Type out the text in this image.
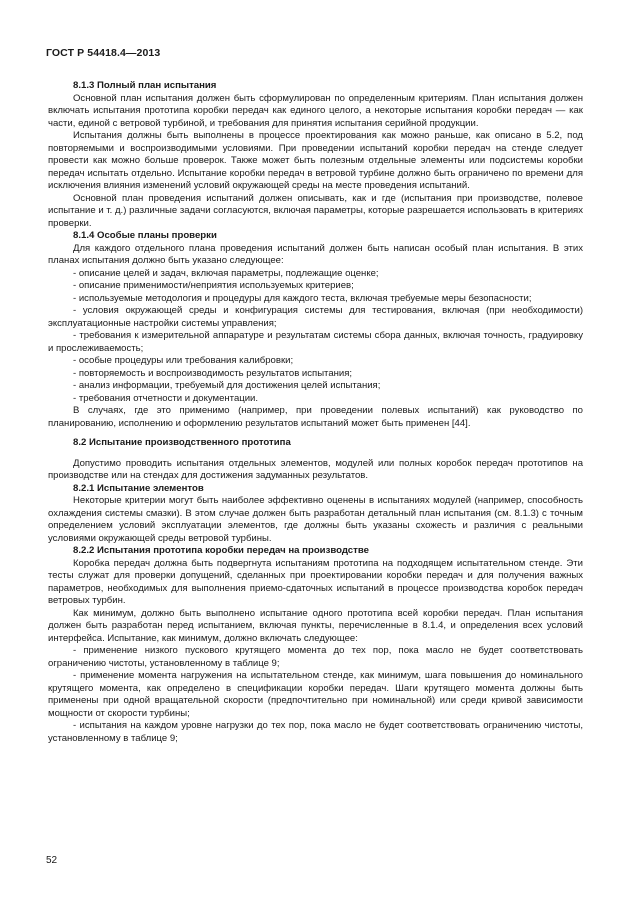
ГОСТ Р 54418.4—2013
8.1.3 Полный план испытания

Основной план испытания должен быть сформулирован по определенным критериям. План испытания должен включать испытания прототипа коробки передач как единого целого, а некоторые испытания коробки передач — как части, единой с ветровой турбиной, и требования для принятия испытания серийной продукции.

Испытания должны быть выполнены в процессе проектирования как можно раньше, как описано в 5.2, под повторяемыми и воспроизводимыми условиями. При проведении испытаний коробки передач на стенде следует провести как можно больше проверок. Также может быть полезным отдельные элементы или подсистемы коробки передач испытать отдельно. Испытание коробки передач в ветровой турбине должно быть ограничено по времени для исключения влияния изменений условий окружающей среды на месте проведения испытаний.

Основной план проведения испытаний должен описывать, как и где (испытания при производстве, полевое испытание и т. д.) различные задачи согласуются, включая параметры, которые разрешается использовать в критериях проверки.

8.1.4 Особые планы проверки

Для каждого отдельного плана проведения испытаний должен быть написан особый план испытания. В этих планах испытания должно быть указано следующее:

- описание целей и задач, включая параметры, подлежащие оценке;

- описание применимости/неприятия используемых критериев;

- используемые методология и процедуры для каждого теста, включая требуемые меры безопасности;

- условия окружающей среды и конфигурация системы для тестирования, включая (при необходимости) эксплуатационные настройки системы управления;

- требования к измерительной аппаратуре и результатам системы сбора данных, включая точность, градуировку и прослеживаемость;

- особые процедуры или требования калибровки;

- повторяемость и воспроизводимость результатов испытания;

- анализ информации, требуемый для достижения целей испытания;

- требования отчетности и документации.

В случаях, где это применимо (например, при проведении полевых испытаний) как руководство по планированию, исполнению и оформлению результатов испытаний может быть применен [44].

8.2 Испытание производственного прототипа

Допустимо проводить испытания отдельных элементов, модулей или полных коробок передач прототипов на производстве или на стендах для достижения задуманных результатов.

8.2.1 Испытание элементов

Некоторые критерии могут быть наиболее эффективно оценены в испытаниях модулей (например, способность охлаждения системы смазки). В этом случае должен быть разработан детальный план испытания (см. 8.1.3) с точным определением условий эксплуатации элементов, где должны быть указаны схожесть и различия с реальными условиями окружающей среды ветровой турбины.

8.2.2 Испытания прототипа коробки передач на производстве

Коробка передач должна быть подвергнута испытаниям прототипа на подходящем испытательном стенде. Эти тесты служат для проверки допущений, сделанных при проектировании коробки передач и для получения важных параметров, необходимых для выполнения приемо-сдаточных испытаний в процессе производства коробок передач ветровых турбин.

Как минимум, должно быть выполнено испытание одного прототипа всей коробки передач. План испытания должен быть разработан перед испытанием, включая пункты, перечисленные в 8.1.4, и определения всех условий интерфейса. Испытание, как минимум, должно включать следующее:

- применение низкого пускового крутящего момента до тех пор, пока масло не будет соответствовать ограничению чистоты, установленному в таблице 9;

- применение момента нагружения на испытательном стенде, как минимум, шага повышения до номинального крутящего момента, как определено в спецификации коробки передач. Шаги крутящего момента должны быть применены при одной вращательной скорости (предпочтительно при номинальной) или среди кривой зависимости мощности от скорости турбины;

- испытания на каждом уровне нагрузки до тех пор, пока масло не будет соответствовать ограничению чистоты, установленному в таблице 9;

52
